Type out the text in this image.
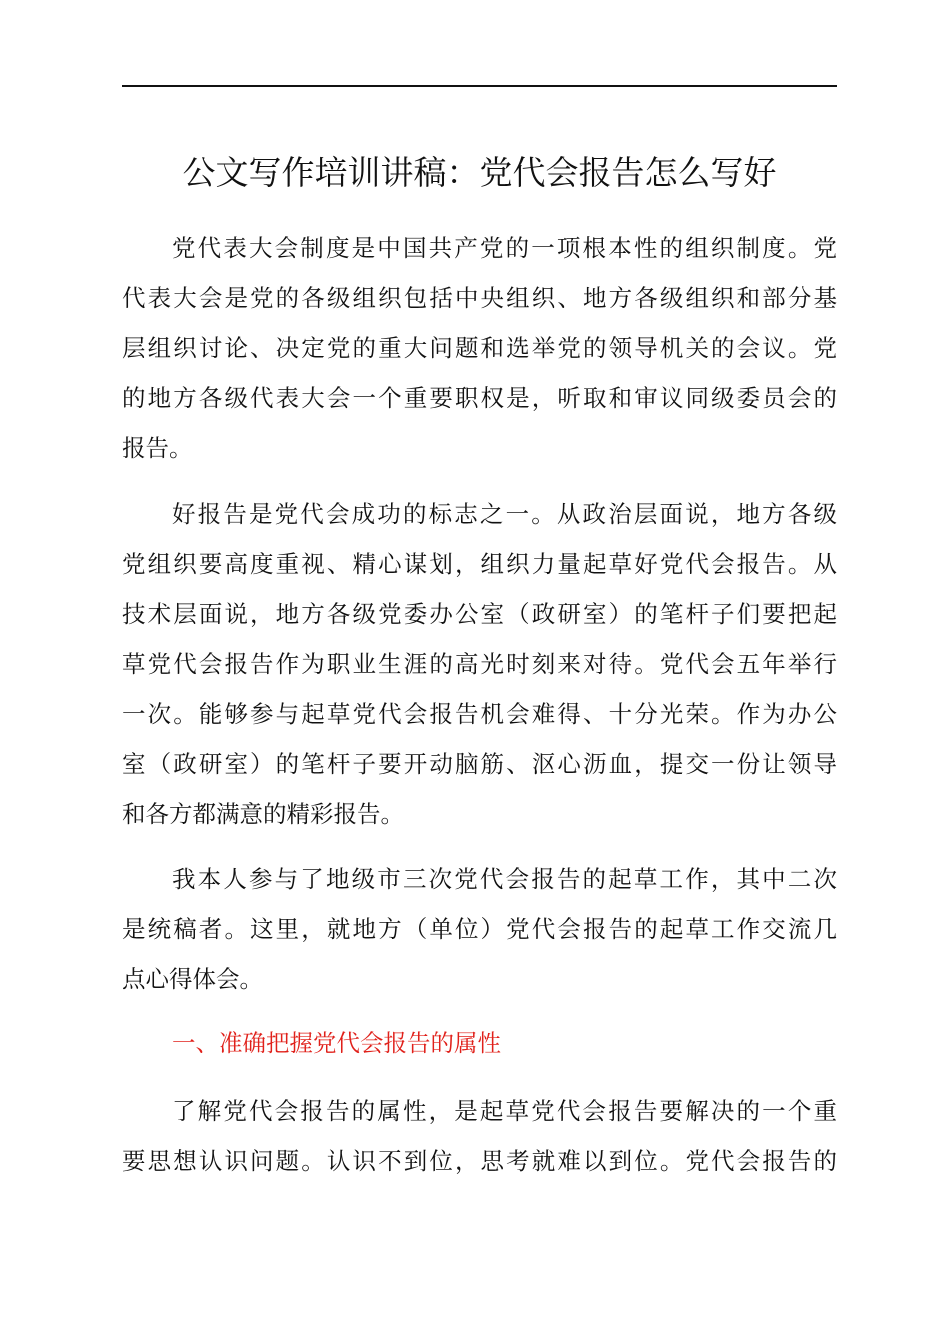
公文写作培训讲稿：党代会报告怎么写好
党代表大会制度是中国共产党的一项根本性的组织制度。党
代表大会是党的各级组织包括中央组织、地方各级组织和部分基
层组织讨论、决定党的重大问题和选举党的领导机关的会议。党
的地方各级代表大会一个重要职权是，听取和审议同级委员会的
报告。
好报告是党代会成功的标志之一。从政治层面说，地方各级
党组织要高度重视、精心谋划，组织力量起草好党代会报告。从
技术层面说，地方各级党委办公室（政研室）的笔杆子们要把起
草党代会报告作为职业生涯的高光时刻来对待。党代会五年举行
一次。能够参与起草党代会报告机会难得、十分光荣。作为办公
室（政研室）的笔杆子要开动脑筋、沤心沥血，提交一份让领导
和各方都满意的精彩报告。
我本人参与了地级市三次党代会报告的起草工作，其中二次
是统稿者。这里，就地方（单位）党代会报告的起草工作交流几
点心得体会。
一、准确把握党代会报告的属性
了解党代会报告的属性，是起草党代会报告要解决的一个重
要思想认识问题。认识不到位，思考就难以到位。党代会报告的
